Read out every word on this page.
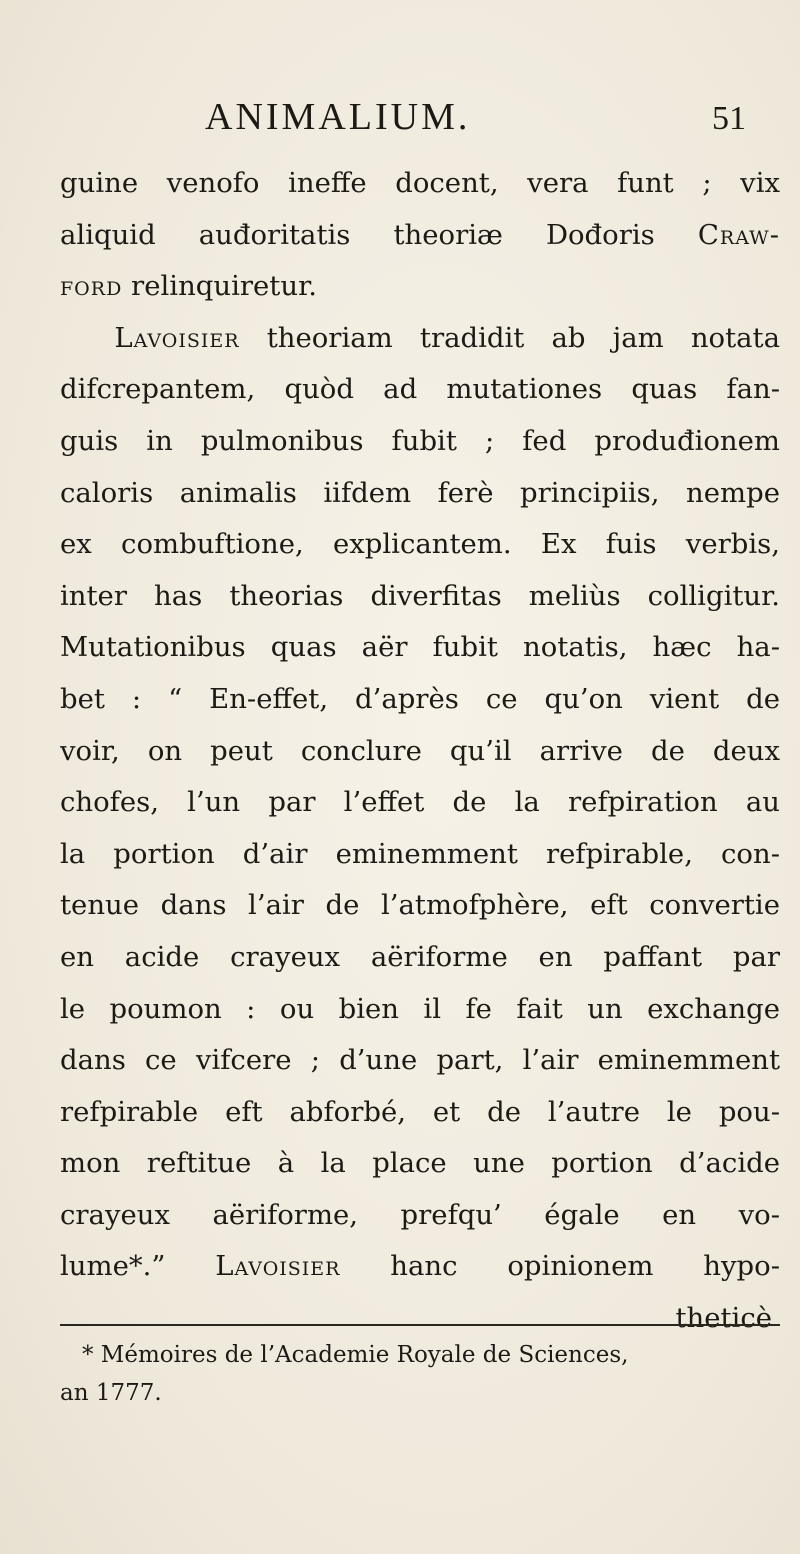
ANIMALIUM.	51
guine venofo ineffe docent, vera funt ; vix
aliquid auđoritatis theoriæ Dođoris Craw-
ford relinquiretur.
Lavoisier theoriam tradidit ab jam notata
difcrepantem, quòd ad mutationes quas fan-
guis in pulmonibus fubit ; fed produđionem
caloris animalis iifdem ferè principiis, nempe
ex combuftione, explicantem. Ex fuis verbis,
inter has theorias diverfitas meliùs colligitur.
Mutationibus quas aër fubit notatis, hæc ha-
bet : “ En-effet, d’après ce qu’on vient de
voir, on peut conclure qu’il arrive de deux
chofes, l’un par l’effet de la refpiration au
la portion d’air eminemment refpirable, con-
tenue dans l’air de l’atmofphère, eft convertie
en acide crayeux aëriforme en paffant par
le poumon : ou bien il fe fait un exchange
dans ce vifcere ; d’une part, l’air eminemment
refpirable eft abforbé, et de l’autre le pou-
mon reftitue à la place une portion d’acide
crayeux aëriforme, prefqu’ égale en vo-
lume*.” Lavoisier hanc opinionem hypo-
theticè
* Mémoires de l’Academie Royale de Sciences,
an 1777.
